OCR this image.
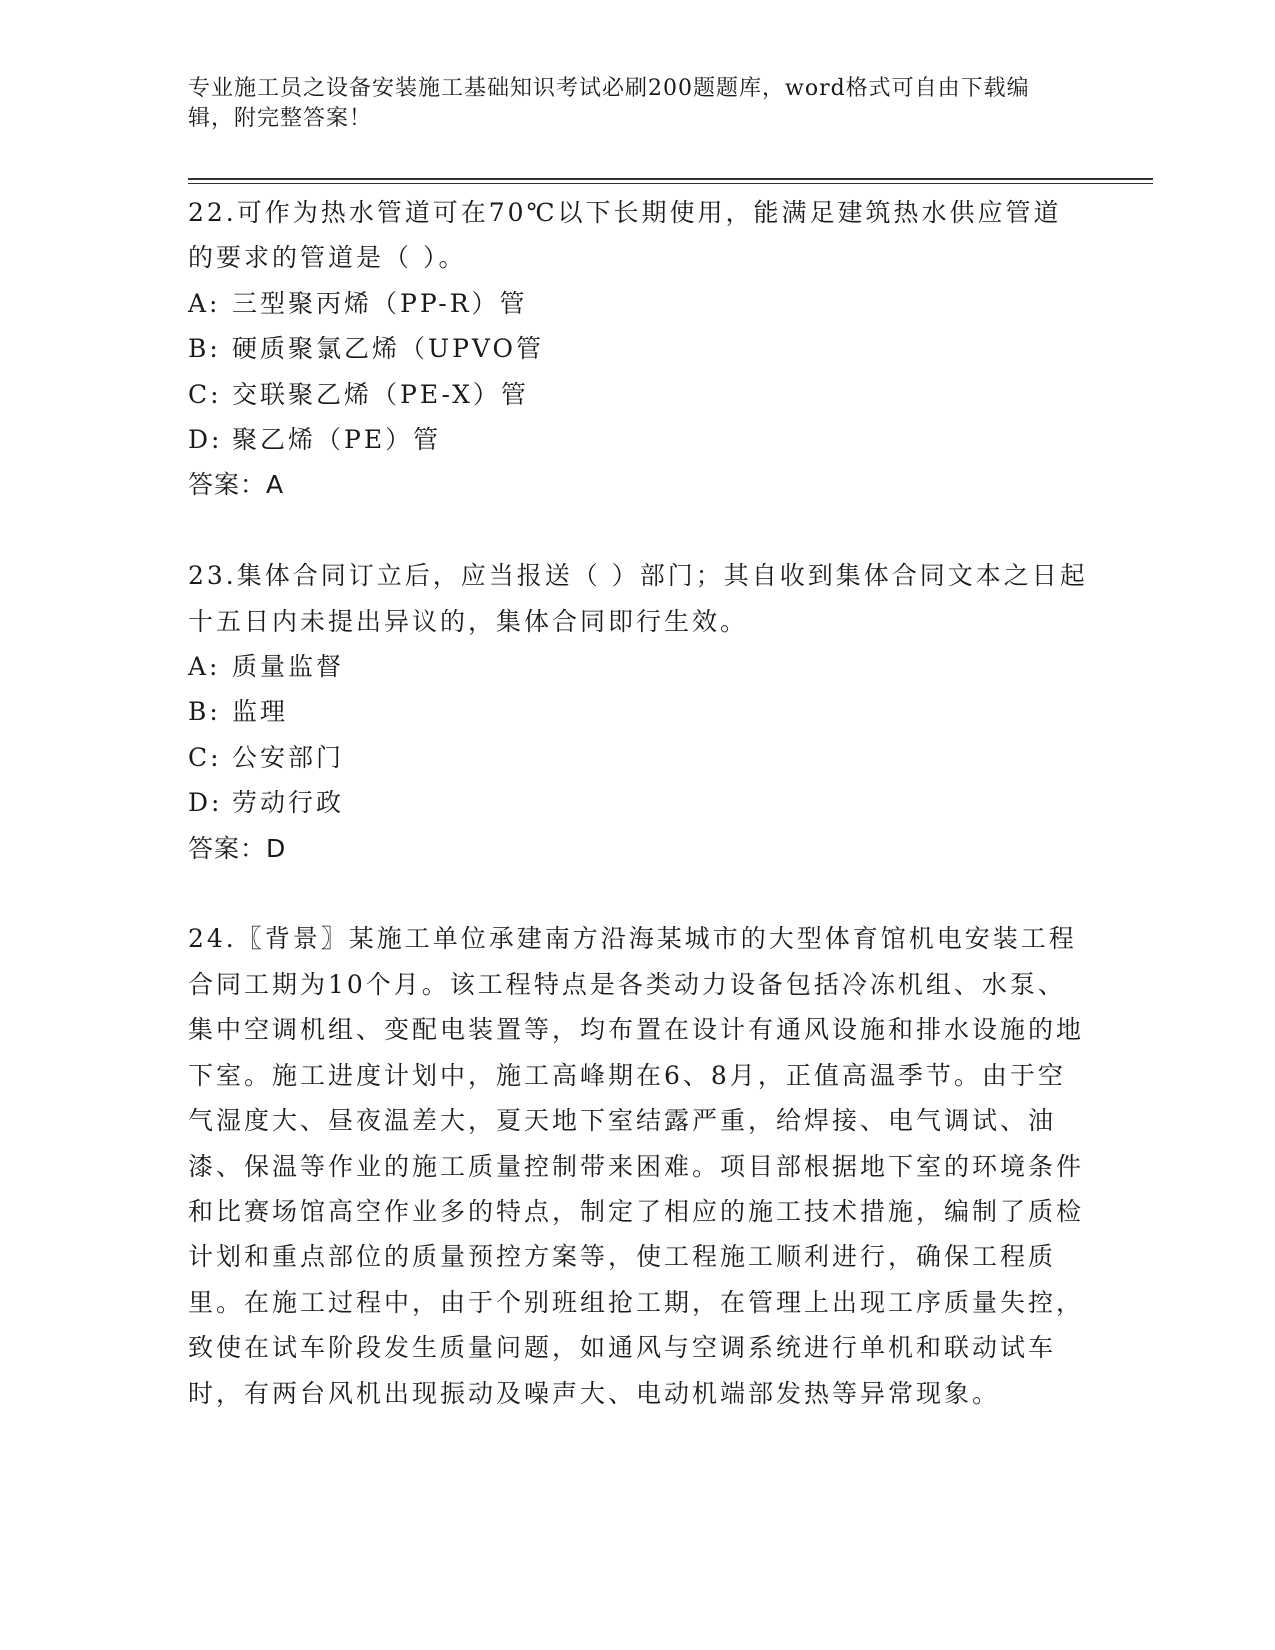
专业施工员之设备安装施工基础知识考试必刷200题题库，word格式可自由下载编辑，附完整答案！

22.可作为热水管道可在70℃以下长期使用，能满足建筑热水供应管道的要求的管道是（ ）。

A: 三型聚丙烯（PP-R）管

B: 硬质聚氯乙烯（UPVO管

C: 交联聚乙烯（PE-X）管

D: 聚乙烯（PE）管

答案：A

23.集体合同订立后，应当报送（ ）部门；其自收到集体合同文本之日起十五日内未提出异议的，集体合同即行生效。

A: 质量监督

B: 监理

C: 公安部门

D: 劳动行政

答案：D

24.〖背景〗某施工单位承建南方沿海某城市的大型体育馆机电安装工程合同工期为10个月。该工程特点是各类动力设备包括冷冻机组、水泵、集中空调机组、变配电装置等，均布置在设计有通风设施和排水设施的地下室。施工进度计划中，施工高峰期在6、8月，正值高温季节。由于空气湿度大、昼夜温差大，夏天地下室结露严重，给焊接、电气调试、油漆、保温等作业的施工质量控制带来困难。项目部根据地下室的环境条件和比赛场馆高空作业多的特点，制定了相应的施工技术措施，编制了质检计划和重点部位的质量预控方案等，使工程施工顺利进行，确保工程质里。在施工过程中，由于个别班组抢工期，在管理上出现工序质量失控，致使在试车阶段发生质量问题，如通风与空调系统进行单机和联动试车时，有两台风机出现振动及噪声大、电动机端部发热等异常现象。
